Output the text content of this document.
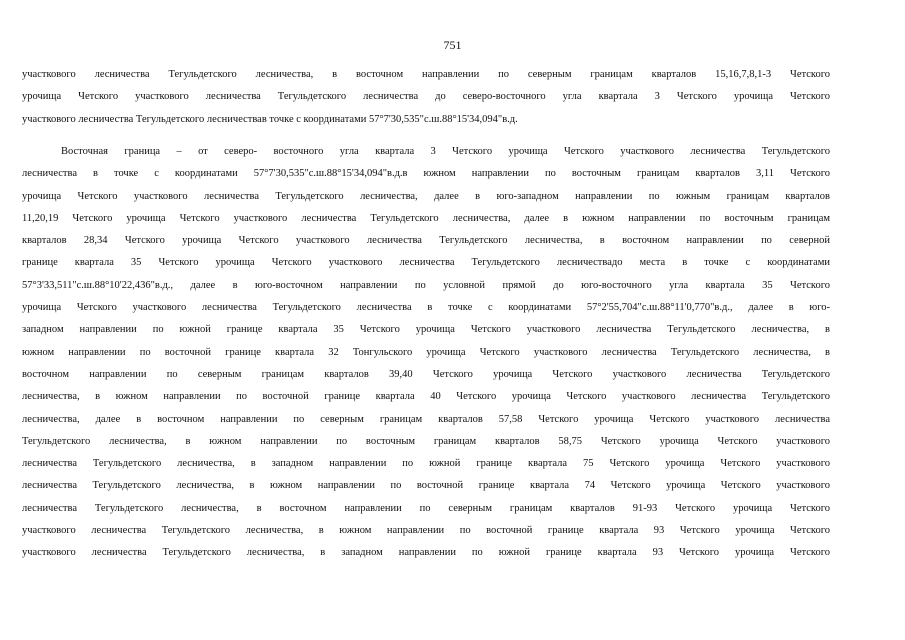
751

участкового лесничества Тегульдетского лесничества, в восточном направлении по северным границам кварталов 15,16,7,8,1-3 Четского
урочища Четского участкового лесничества Тегульдетского лесничества до северо-восточного угла квартала 3 Четского урочища Четского
участкового лесничества Тегульдетского лесничествав точке с координатами 57°7'30,535"с.ш.88°15'34,094"в.д.

Восточная граница – от северо- восточного угла квартала 3 Четского урочища Четского участкового лесничества Тегульдетского
лесничества в точке с координатами 57°7'30,535"с.ш.88°15'34,094"в.д.в южном направлении по восточным границам кварталов 3,11 Четского
урочища Четского участкового лесничества Тегульдетского лесничества, далее в юго-западном направлении по южным границам кварталов
11,20,19 Четского урочища Четского участкового лесничества Тегульдетского лесничества, далее в южном направлении по восточным границам
кварталов 28,34 Четского урочища Четского участкового лесничества Тегульдетского лесничества, в восточном направлении по северной
границе квартала 35 Четского урочища Четского участкового лесничества Тегульдетского лесничествадо места в точке с координатами
57°3'33,511"с.ш.88°10'22,436"в.д., далее в юго-восточном направлении по условной прямой до юго-восточного угла квартала 35 Четского
урочища Четского участкового лесничества Тегульдетского лесничества в точке с координатами 57°2'55,704"с.ш.88°11'0,770"в.д., далее в юго-
западном направлении по южной границе квартала 35 Четского урочища Четского участкового лесничества Тегульдетского лесничества, в
южном направлении по восточной границе квартала 32 Тонгульского урочища Четского участкового лесничества Тегульдетского лесничества, в
восточном направлении по северным границам кварталов 39,40 Четского урочища Четского участкового лесничества Тегульдетского
лесничества, в южном направлении по восточной границе квартала 40 Четского урочища Четского участкового лесничества Тегульдетского
лесничества, далее в восточном направлении по северным границам кварталов 57,58 Четского урочища Четского участкового лесничества
Тегульдетского лесничества, в южном направлении по восточным границам кварталов 58,75 Четского урочища Четского участкового
лесничества Тегульдетского лесничества, в западном направлении по южной границе квартала 75 Четского урочища Четского участкового
лесничества Тегульдетского лесничества, в южном направлении по восточной границе квартала 74 Четского урочища Четского участкового
лесничества Тегульдетского лесничества, в восточном направлении по северным границам кварталов 91-93 Четского урочища Четского
участкового лесничества Тегульдетского лесничества, в южном направлении по восточной границе квартала 93 Четского урочища Четского
участкового лесничества Тегульдетского лесничества, в западном направлении по южной границе квартала 93 Четского урочища Четского
